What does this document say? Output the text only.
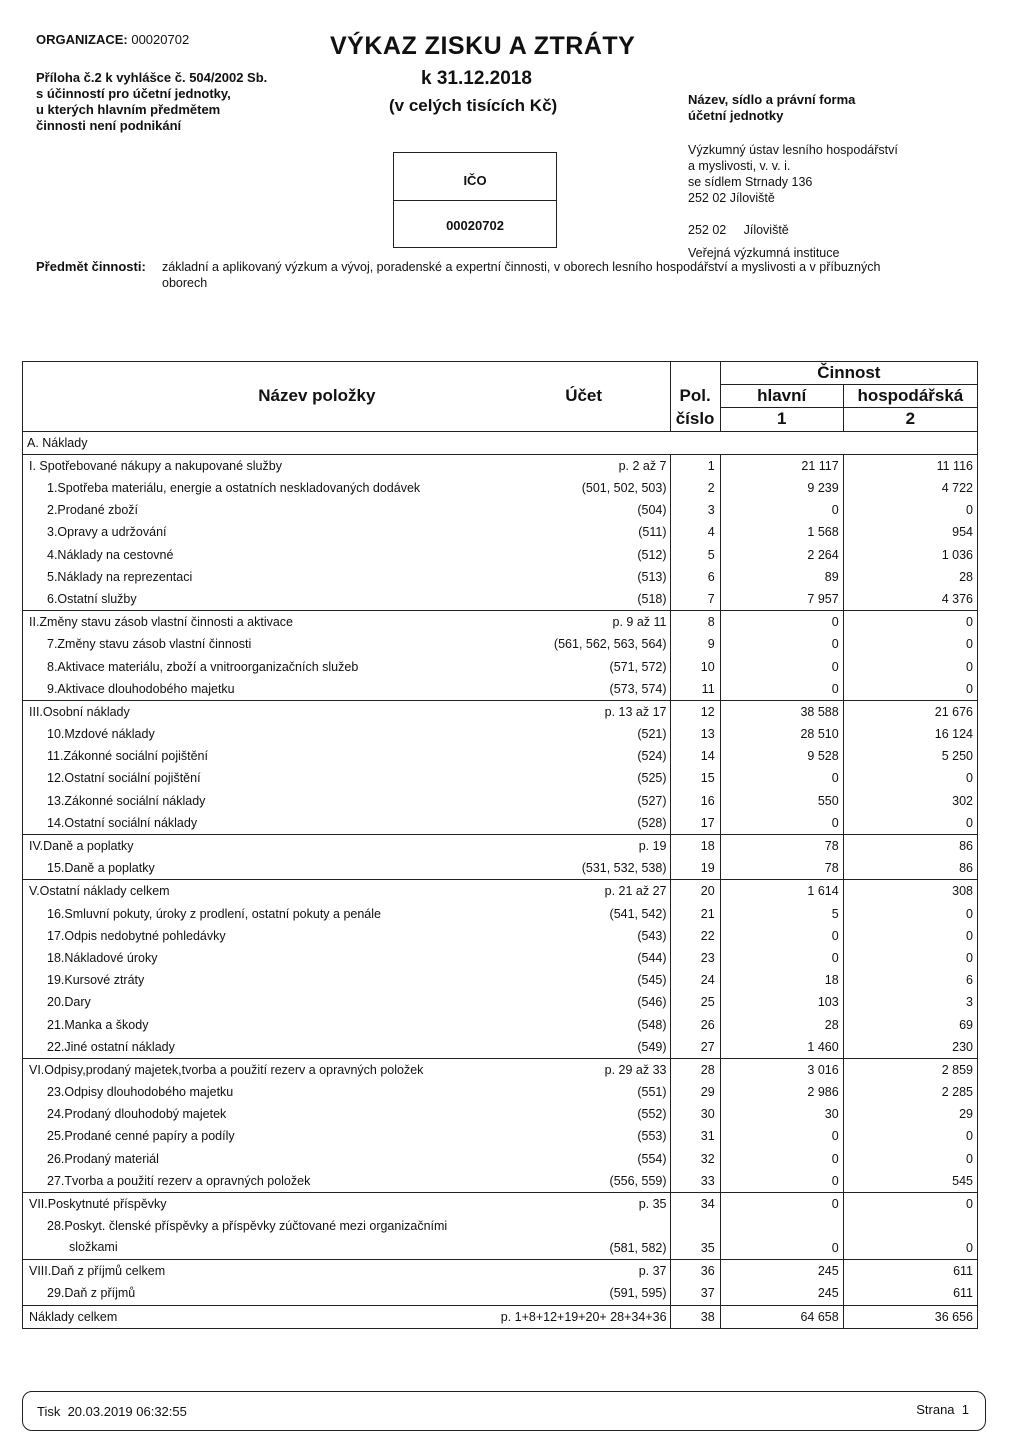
ORGANIZACE: 00020702
Příloha č.2 k vyhlášce č. 504/2002 Sb.
s účinností pro účetní jednotky,
u kterých hlavním předmětem
činnosti není podnikání
VÝKAZ ZISKU A ZTRÁTY
k 31.12.2018
(v celých tisících Kč)
IČO
00020702
Název, sídlo a právní forma
účetní jednotky
Výzkumný ústav lesního hospodářství
a myslivosti, v. v. i.
se sídlem Strnady 136
252 02 Jíloviště
252 02     Jíloviště
Veřejná výzkumná instituce
Předmět činnosti: základní a aplikovaný výzkum a vývoj, poradenské a expertní činnosti, v oborech lesního hospodářství a myslivosti a v příbuzných oborech
Název položky	Účet		Činnost	
		Pol.	hlavní	hospodářská
		číslo	1	2
A. Náklady				
I. Spotřebované nákupy a nakupované služby	p. 2 až 7	1	21 117	11 116
1.Spotřeba materiálu, energie a ostatních neskladovaných dodávek	(501, 502, 503)	2	9 239	4 722
2.Prodané zboží	(504)	3	0	0
3.Opravy a udržování	(511)	4	1 568	954
4.Náklady na cestovné	(512)	5	2 264	1 036
5.Náklady na reprezentaci	(513)	6	89	28
6.Ostatní služby	(518)	7	7 957	4 376
II.Změny stavu zásob vlastní činnosti a aktivace	p. 9 až 11	8	0	0
7.Změny stavu zásob vlastní činnosti	(561, 562, 563, 564)	9	0	0
8.Aktivace materiálu, zboží a vnitroorganizačních služeb	(571, 572)	10	0	0
9.Aktivace dlouhodobého majetku	(573, 574)	11	0	0
III.Osobní náklady	p. 13 až 17	12	38 588	21 676
10.Mzdové náklady	(521)	13	28 510	16 124
11.Zákonné sociální pojištění	(524)	14	9 528	5 250
12.Ostatní sociální pojištění	(525)	15	0	0
13.Zákonné sociální náklady	(527)	16	550	302
14.Ostatní sociální náklady	(528)	17	0	0
IV.Daně a poplatky	p. 19	18	78	86
15.Daně a poplatky	(531, 532, 538)	19	78	86
V.Ostatní náklady celkem	p. 21 až 27	20	1 614	308
16.Smluvní pokuty, úroky z prodlení, ostatní pokuty a penále	(541, 542)	21	5	0
17.Odpis nedobytné pohledávky	(543)	22	0	0
18.Nákladové úroky	(544)	23	0	0
19.Kursové ztráty	(545)	24	18	6
20.Dary	(546)	25	103	3
21.Manka a škody	(548)	26	28	69
22.Jiné ostatní náklady	(549)	27	1 460	230
VI.Odpisy,prodaný majetek,tvorba a použití rezerv a opravných položek	p. 29 až 33	28	3 016	2 859
23.Odpisy dlouhodobého majetku	(551)	29	2 986	2 285
24.Prodaný dlouhodobý majetek	(552)	30	30	29
25.Prodané cenné papíry a podíly	(553)	31	0	0
26.Prodaný materiál	(554)	32	0	0
27.Tvorba a použití rezerv a opravných položek	(556, 559)	33	0	545
VII.Poskytnuté příspěvky	p. 35	34	0	0

28.Poskyt. členské příspěvky a příspěvky zúčtované mezi organizačními
složkami	(581, 582)	35	0	0
VIII.Daň z příjmů celkem	p. 37	36	245	611
29.Daň z příjmů	(591, 595)	37	245	611
Náklady celkem	p. 1+8+12+19+20+ 28+34+36	38	64 658	36 656
Tisk  20.03.2019 06:32:55	Strana  1
